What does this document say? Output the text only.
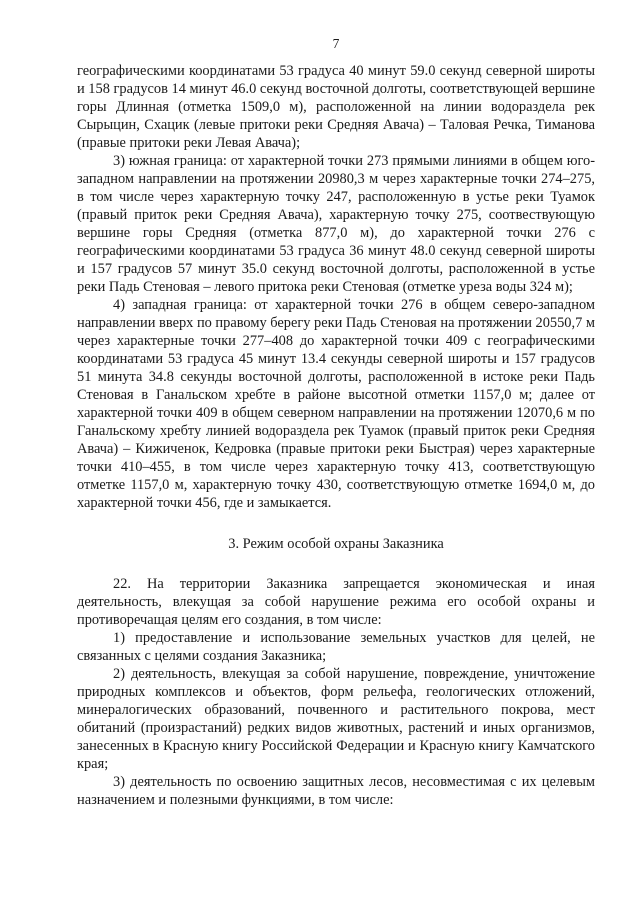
7

географическими координатами 53 градуса 40 минут 59.0 секунд северной широты и 158 градусов 14 минут 46.0 секунд восточной долготы, соответствующей вершине горы Длинная (отметка 1509,0 м), расположенной на линии водораздела рек Сырыцин, Схацик (левые притоки реки Средняя Авача) – Таловая Речка, Тиманова (правые притоки реки Левая Авача);

3) южная граница: от характерной точки 273 прямыми линиями в общем юго-западном направлении на протяжении 20980,3 м через характерные точки 274–275, в том числе через характерную точку 247, расположенную в устье реки Туамок (правый приток реки Средняя Авача), характерную точку 275, соотвествующую вершине горы Средняя (отметка 877,0 м), до характерной точки 276 с географическими координатами 53 градуса 36 минут 48.0 секунд северной широты и 157 градусов 57 минут 35.0 секунд восточной долготы, расположенной в устье реки Падь Стеновая – левого притока реки Стеновая (отметке уреза воды 324 м);

4) западная граница: от характерной точки 276 в общем северо-западном направлении вверх по правому берегу реки Падь Стеновая на протяжении 20550,7 м через характерные точки 277–408 до характерной точки 409 с географическими координатами 53 градуса 45 минут 13.4 секунды северной широты и 157 градусов 51 минута 34.8 секунды восточной долготы, расположенной в истоке реки Падь Стеновая в Ганальском хребте в районе высотной отметки 1157,0 м; далее от характерной точки 409 в общем северном направлении на протяжении 12070,6 м по Ганальскому хребту линией водораздела рек Туамок (правый приток реки Средняя Авача) – Кижиченок, Кедровка (правые притоки реки Быстрая) через характерные точки 410–455, в том числе через характерную точку 413, соответствующую отметке 1157,0 м, характерную точку 430, соответствующую отметке 1694,0 м, до характерной точки 456, где и замыкается.

3. Режим особой охраны Заказника

22. На территории Заказника запрещается экономическая и иная деятельность, влекущая за собой нарушение режима его особой охраны и противоречащая целям его создания, в том числе:

1) предоставление и использование земельных участков для целей, не связанных с целями создания Заказника;

2) деятельность, влекущая за собой нарушение, повреждение, уничтожение природных комплексов и объектов, форм рельефа, геологических отложений, минералогических образований, почвенного и растительного покрова, мест обитаний (произрастаний) редких видов животных, растений и иных организмов, занесенных в Красную книгу Российской Федерации и Красную книгу Камчатского края;

3) деятельность по освоению защитных лесов, несовместимая с их целевым назначением и полезными функциями, в том числе:
